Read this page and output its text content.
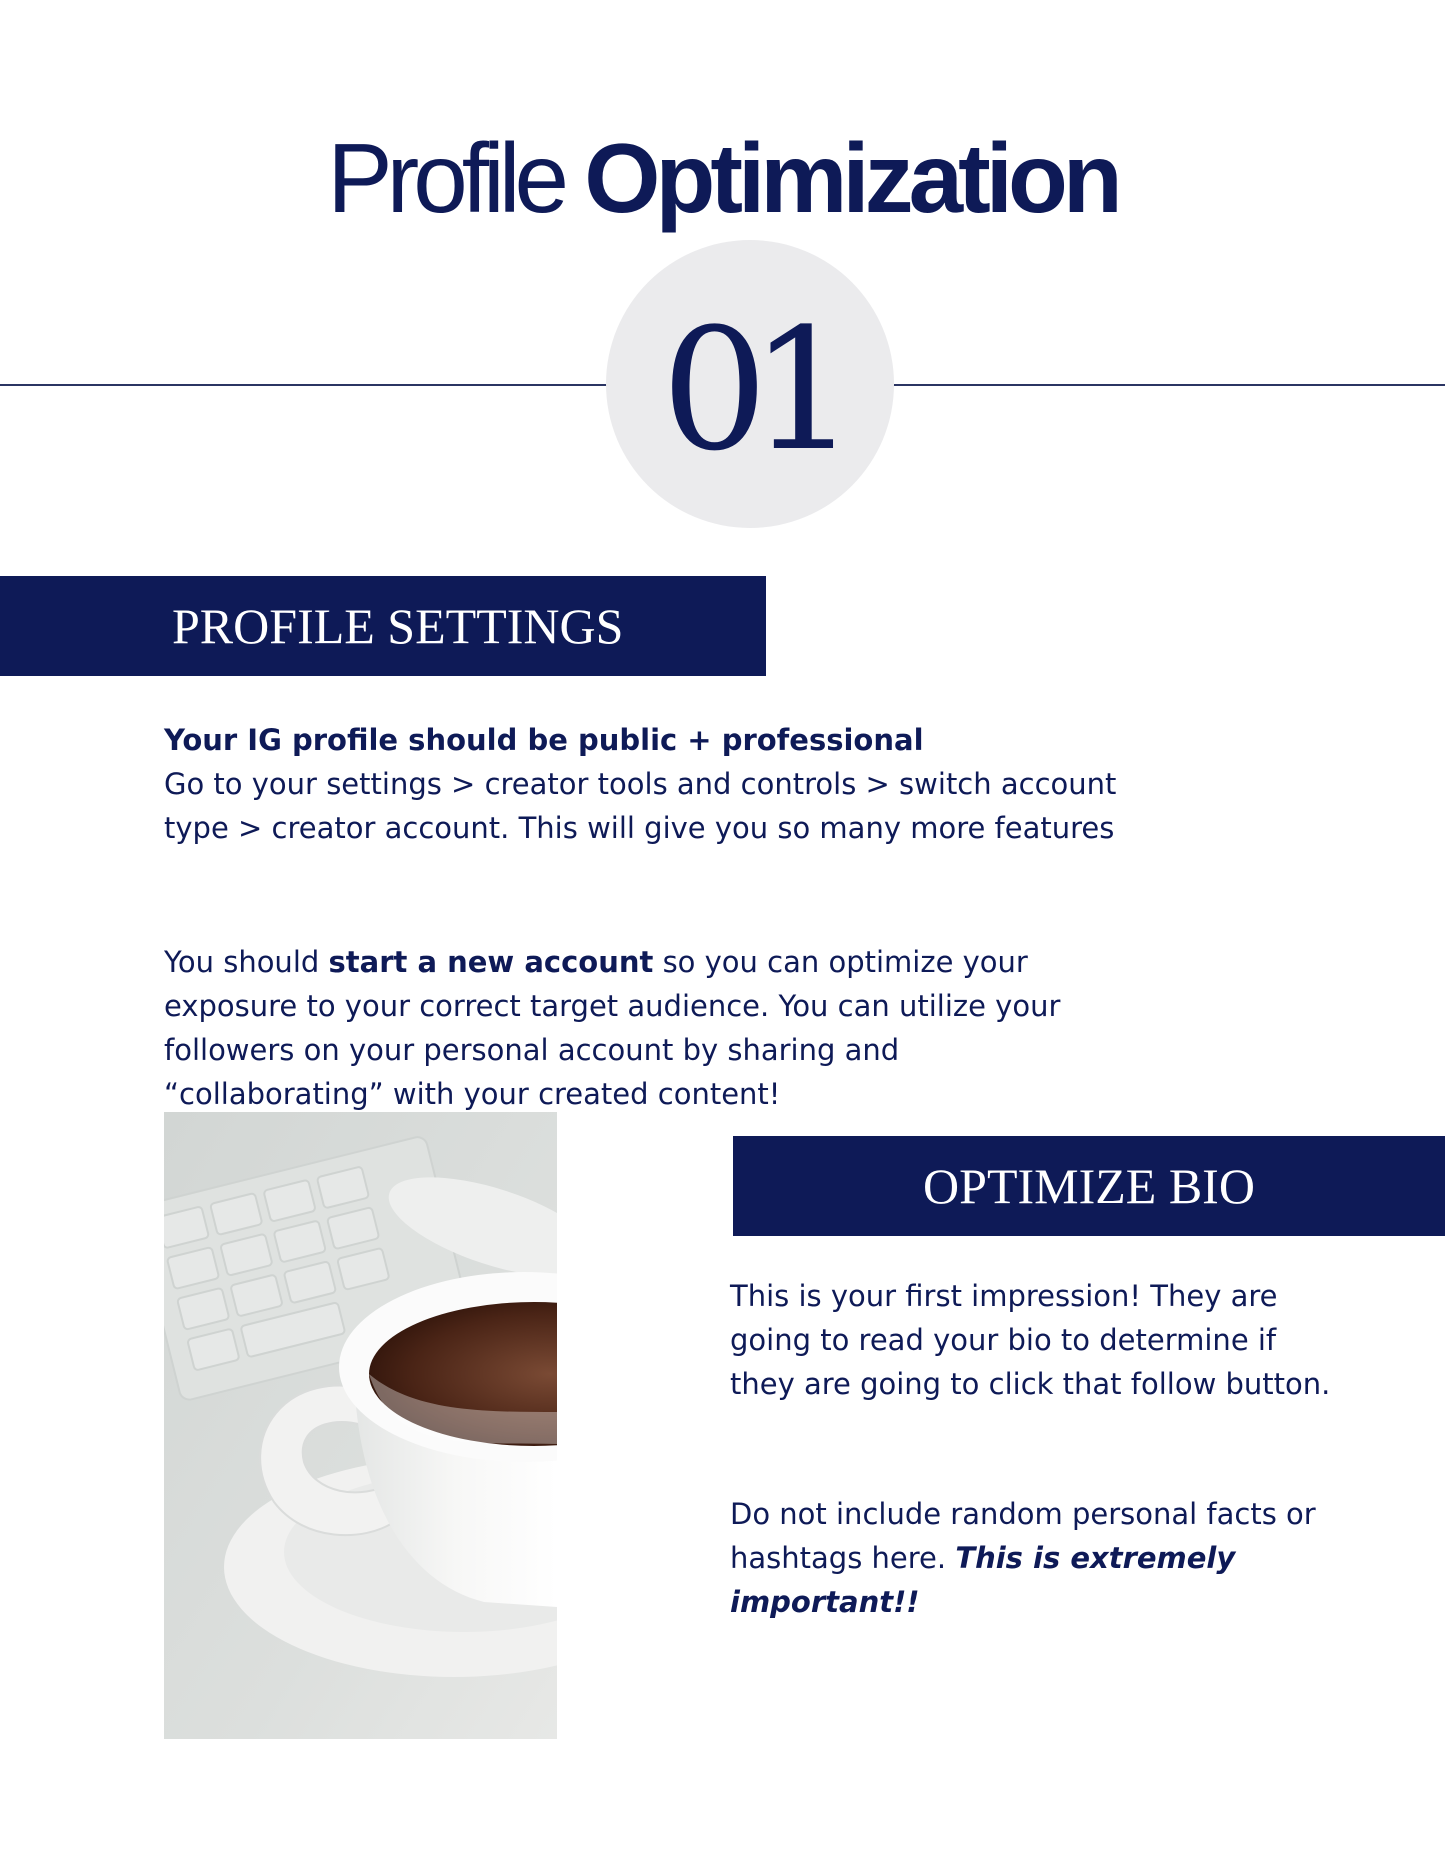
Profile Optimization
01
PROFILE SETTINGS

Your IG profile should be public + professional
Go to your settings > creator tools and controls > switch account type > creator account. This will give you so many more features

You should start a new account so you can optimize your exposure to your correct target audience. You can utilize your followers on your personal account by sharing and “collaborating” with your created content!

OPTIMIZE BIO

This is your first impression! They are going to read your bio to determine if they are going to click that follow button.

Do not include random personal facts or hashtags here. This is extremely important!!
